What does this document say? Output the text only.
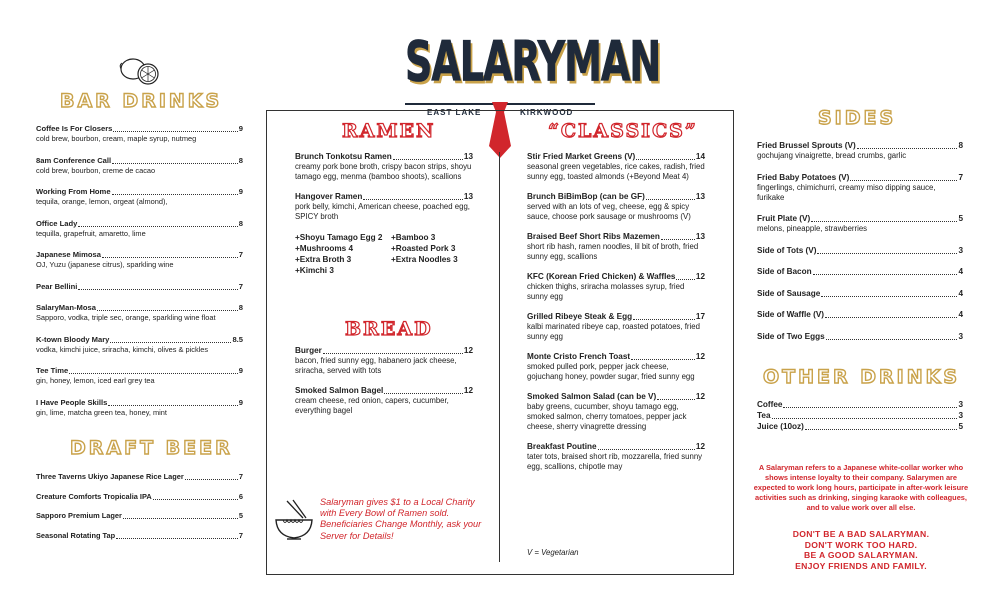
BAR DRINKS
Coffee Is For Closers	9
cold brew, bourbon, cream, maple syrup, nutmeg
8am Conference Call	8
cold brew, bourbon, creme de cacao
Working From Home	9
tequila, orange, lemon, orgeat (almond),
Office Lady	8
tequilla, grapefruit, amaretto, lime
Japanese Mimosa	7
OJ, Yuzu (japanese citrus), sparkling wine
Pear Bellini	7
SalaryMan-Mosa	8
Sapporo, vodka, triple sec, orange, sparkling wine float
K-town Bloody Mary	8.5
vodka, kimchi juice, sriracha, kimchi, olives & pickles
Tee Time	9
gin, honey, lemon, iced earl grey tea
I Have People Skills	9
gin, lime, matcha green tea, honey, mint
DRAFT BEER
Three Taverns Ukiyo Japanese Rice Lager	7
Creature Comforts Tropicalia IPA	6
Sapporo Premium Lager	5
Seasonal Rotating Tap	7
SALARYMAN
EAST LAKE	KIRKWOOD
RAMEN	“CLASSICS”
Brunch Tonkotsu Ramen	13
creamy pork bone broth, crispy bacon strips, shoyu tamago egg, menma (bamboo shoots), scallions
Hangover Ramen	13
pork belly, kimchi, American cheese, poached egg, SPICY broth
+Shoyu Tamago Egg 2	+Bamboo 3
+Mushrooms 4	+Roasted Pork 3
+Extra Broth 3	+Extra Noodles 3
+Kimchi 3
BREAD
Burger	12
bacon, fried sunny egg, habanero jack cheese, sriracha, served with tots
Smoked Salmon Bagel	12
cream cheese, red onion, capers, cucumber, everything bagel
Salaryman gives $1 to a Local Charity with Every Bowl of Ramen sold. Beneficiaries Change Monthly, ask your Server for Details!
Stir Fried Market Greens (V)	14
seasonal green vegetables, rice cakes, radish, fried sunny egg, toasted almonds (+Beyond Meat 4)
Brunch BiBimBop (can be GF)	13
served with an lots of veg, cheese, egg & spicy sauce, choose pork sausage or mushrooms (V)
Braised Beef Short Ribs Mazemen	13
short rib hash, ramen noodles, lil bit of broth, fried sunny egg, scallions
KFC (Korean Fried Chicken) & Waffles 12
chicken thighs, sriracha molasses syrup, fried sunny egg
Grilled Ribeye Steak & Egg	17
kalbi marinated ribeye cap, roasted potatoes, fried sunny egg
Monte Cristo French Toast	12
smoked pulled pork, pepper jack cheese, gojuchang honey, powder sugar, fried sunny egg
Smoked Salmon Salad (can be V)	12
baby greens, cucumber, shoyu tamago egg, smoked salmon, cherry tomatoes, pepper jack cheese, sherry vinagrette dressing
Breakfast Poutine	12
tater tots, braised short rib, mozzarella, fried sunny egg, scallions, chipotle may
V = Vegetarian
SIDES
Fried Brussel Sprouts (V)	8
gochujang vinaigrette, bread crumbs, garlic
Fried Baby Potatoes (V)	7
fingerlings, chimichurri, creamy miso dipping sauce, furikake
Fruit Plate (V)	5
melons, pineapple, strawberries
Side of Tots (V)	3
Side of Bacon	4
Side of Sausage	4
Side of Waffle (V)	4
Side of Two Eggs	3
OTHER DRINKS
Coffee	3
Tea	3
Juice (10oz)	5
A Salaryman refers to a Japanese white-collar worker who shows intense loyalty to their company. Salarymen are expected to work long hours, participate in after-work leisure activities such as drinking, singing karaoke with colleagues, and to value work over all else.
DON'T BE A BAD SALARYMAN.
DON'T WORK TOO HARD.
BE A GOOD SALARYMAN.
ENJOY FRIENDS AND FAMILY.
